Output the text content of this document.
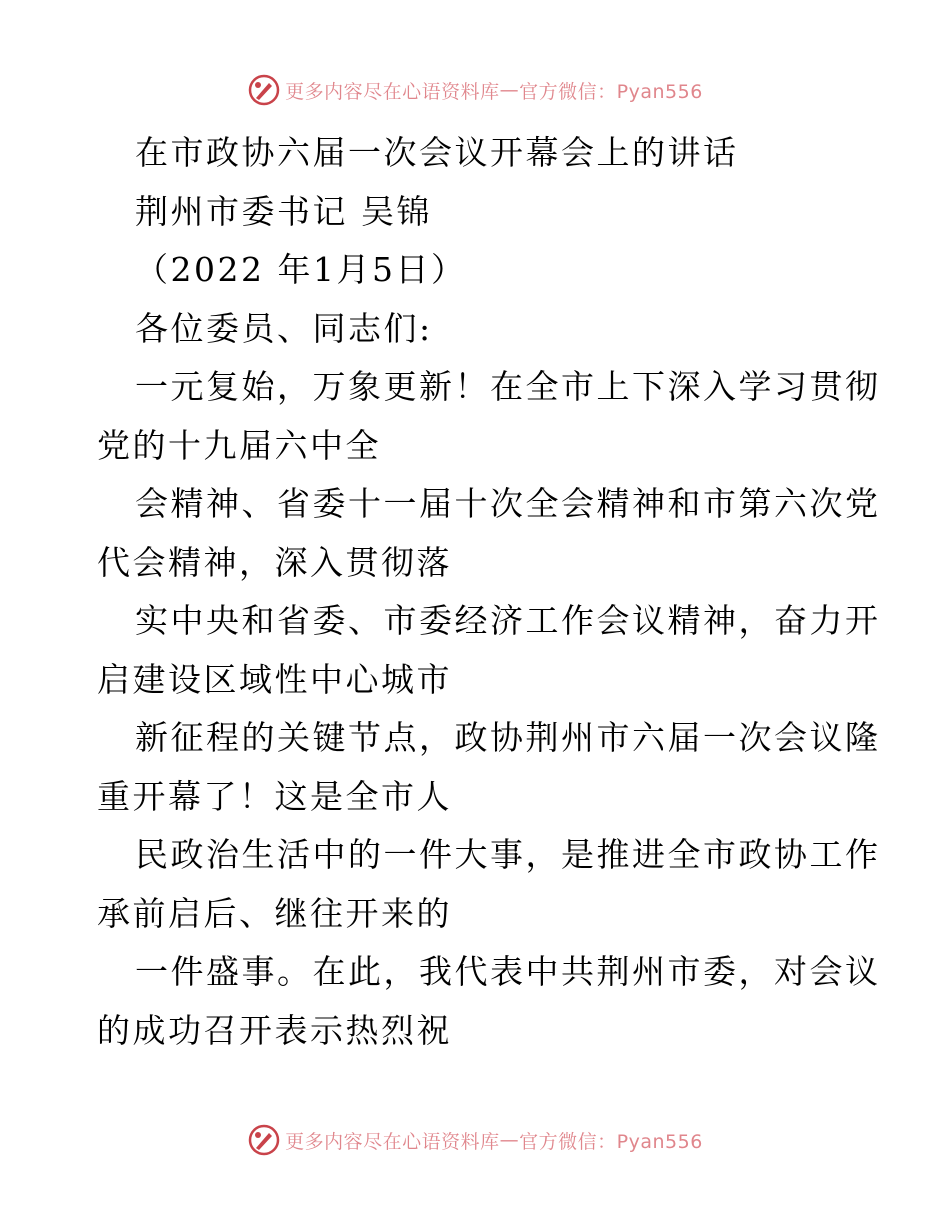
更多内容尽在心语资料库 — 官方微信：Pyan556
在市政协六届一次会议开幕会上的讲话
荆州市委书记 吴锦
（2022 年1月5日）
各位委员、同志们:
一元复始，万象更新！在全市上下深入学习贯彻
党的十九届六中全
会精神、省委十一届十次全会精神和市第六次党
代会精神，深入贯彻落
实中央和省委、市委经济工作会议精神，奋力开
启建设区域性中心城市
新征程的关键节点，政协荆州市六届一次会议隆
重开幕了！这是全市人
民政治生活中的一件大事，是推进全市政协工作
承前启后、继往开来的
一件盛事。在此，我代表中共荆州市委，对会议
的成功召开表示热烈祝
更多内容尽在心语资料库 — 官方微信：Pyan556
